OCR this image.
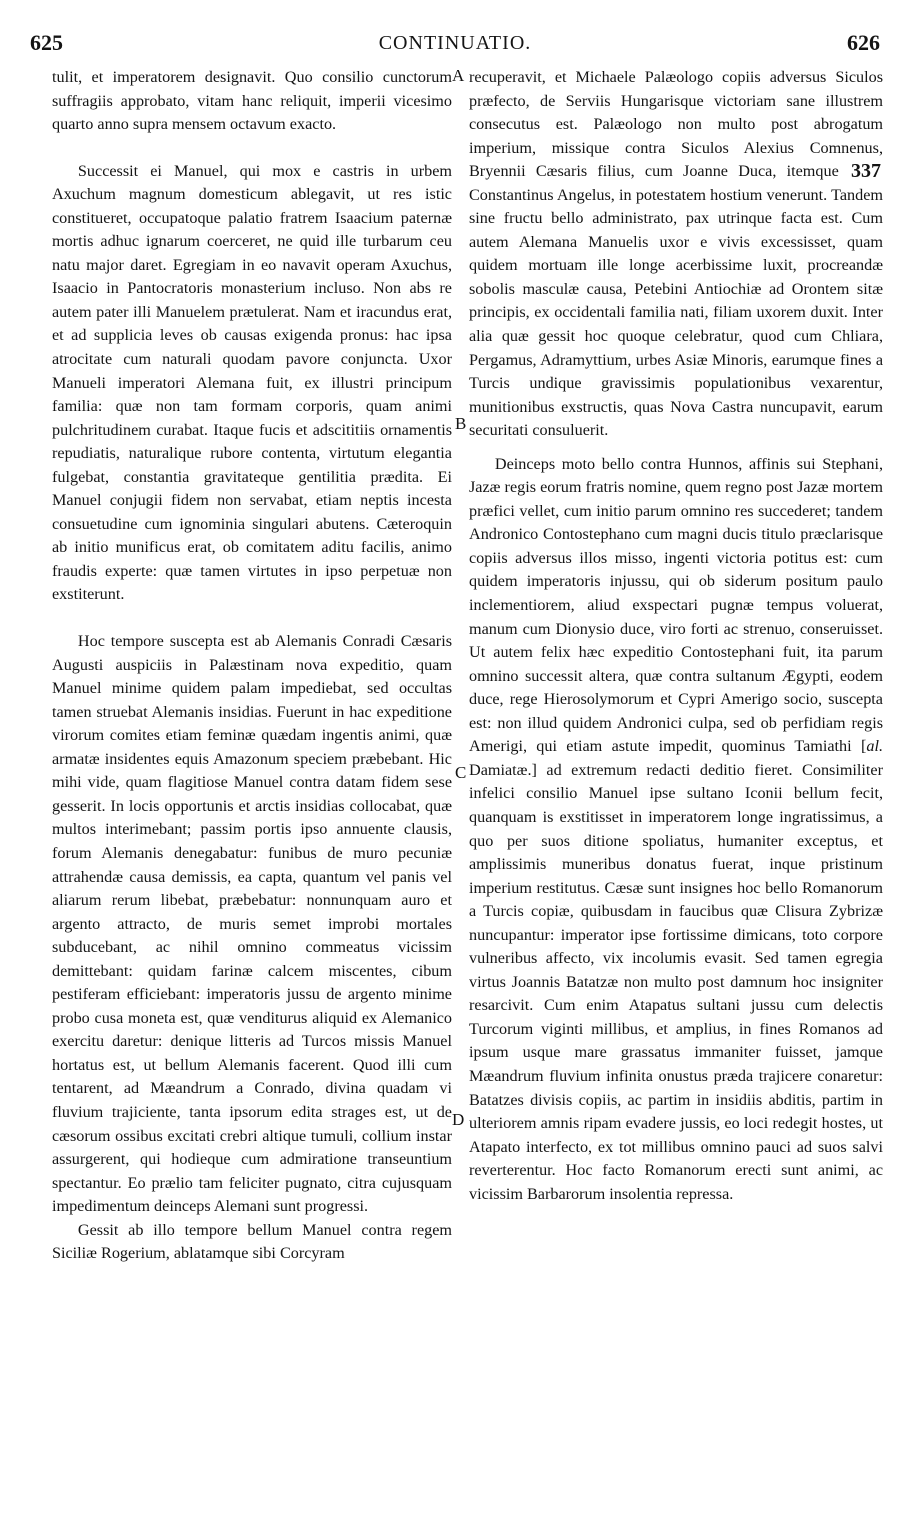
625	CONTINUATIO.	626
A
B
C
D

tulit, et imperatorem designavit. Quo consilio cunctorum suffragiis approbato, vitam hanc reliquit, imperii vicesimo quarto anno supra mensem octavum exacto.

Successit ei Manuel, qui mox e castris in urbem Axuchum magnum domesticum ablegavit, ut res istic constitueret, occupatoque palatio fratrem Isaacium paternæ mortis adhuc ignarum coerceret, ne quid ille turbarum ceu natu major daret. Egregiam in eo navavit operam Axuchus, Isaacio in Pantocratoris monasterium incluso. Non abs re autem pater illi Manuelem prætulerat. Nam et iracundus erat, et ad supplicia leves ob causas exigenda pronus: hac ipsa atrocitate cum naturali quodam pavore conjuncta. Uxor Manueli imperatori Alemana fuit, ex illustri principum familia: quæ non tam formam corporis, quam animi pulchritudinem curabat. Itaque fucis et adscititiis ornamentis repudiatis, naturalique rubore contenta, virtutum elegantia fulgebat, constantia gravitateque gentilitia prædita. Ei Manuel conjugii fidem non servabat, etiam neptis incesta consuetudine cum ignominia singulari abutens. Cæteroquin ab initio munificus erat, ob comitatem aditu facilis, animo fraudis experte: quæ tamen virtutes in ipso perpetuæ non exstiterunt.

Hoc tempore suscepta est ab Alemanis Conradi Cæsaris Augusti auspiciis in Palæstinam nova expeditio, quam Manuel minime quidem palam impediebat, sed occultas tamen struebat Alemanis insidias. Fuerunt in hac expeditione virorum comites etiam feminæ quædam ingentis animi, quæ armatæ insidentes equis Amazonum speciem præbebant. Hic mihi vide, quam flagitiose Manuel contra datam fidem sese gesserit. In locis opportunis et arctis insidias collocabat, quæ multos interimebant; passim portis ipso annuente clausis, forum Alemanis denegabatur: funibus de muro pecuniæ attrahendæ causa demissis, ea capta, quantum vel panis vel aliarum rerum libebat, præbebatur: nonnunquam auro et argento attracto, de muris semet improbi mortales subducebant, ac nihil omnino commeatus vicissim demittebant: quidam farinæ calcem miscentes, cibum pestiferam efficiebant: imperatoris jussu de argento minime probo cusa moneta est, quæ venditurus aliquid ex Alemanico exercitu daretur: denique litteris ad Turcos missis Manuel hortatus est, ut bellum Alemanis facerent. Quod illi cum tentarent, ad Mæandrum a Conrado, divina quadam vi fluvium trajiciente, tanta ipsorum edita strages est, ut de cæsorum ossibus excitati crebri altique tumuli, collium instar assurgerent, qui hodieque cum admiratione transeuntium spectantur. Eo prælio tam feliciter pugnato, citra cujusquam impedimentum deinceps Alemani sunt progressi.

Gessit ab illo tempore bellum Manuel contra regem Siciliæ Rogerium, ablatamque sibi Corcyram

recuperavit, et Michaele Palæologo copiis adversus Siculos præfecto, de Serviis Hungarisque victoriam sane illustrem consecutus est. Palæologo non multo post abrogatum imperium, missique contra Siculos Alexius Comnenus, Bryennii Cæsaris filius, cum Joanne Duca, itemque 337 Constantinus Angelus, in potestatem hostium venerunt. Tandem sine fructu bello administrato, pax utrinque facta est. Cum autem Alemana Manuelis uxor e vivis excessisset, quam quidem mortuam ille longe acerbissime luxit, procreandæ sobolis masculæ causa, Petebini Antiochiæ ad Orontem sitæ principis, ex occidentali familia nati, filiam uxorem duxit. Inter alia quæ gessit hoc quoque celebratur, quod cum Chliara, Pergamus, Adramyttium, urbes Asiæ Minoris, earumque fines a Turcis undique gravissimis populationibus vexarentur, munitionibus exstructis, quas Nova Castra nuncupavit, earum securitati consuluerit.

Deinceps moto bello contra Hunnos, affinis sui Stephani, Jazæ regis eorum fratris nomine, quem regno post Jazæ mortem præfici vellet, cum initio parum omnino res succederet; tandem Andronico Contostephano cum magni ducis titulo præclarisque copiis adversus illos misso, ingenti victoria potitus est: cum quidem imperatoris injussu, qui ob siderum positum paulo inclementiorem, aliud exspectari pugnæ tempus voluerat, manum cum Dionysio duce, viro forti ac strenuo, conseruisset. Ut autem felix hæc expeditio Contostephani fuit, ita parum omnino successit altera, quæ contra sultanum Ægypti, eodem duce, rege Hierosolymorum et Cypri Amerigo socio, suscepta est: non illud quidem Andronici culpa, sed ob perfidiam regis Amerigi, qui etiam astute impedit, quominus Tamiathi [al. Damiatæ.] ad extremum redacti deditio fieret. Consimiliter infelici consilio Manuel ipse sultano Iconii bellum fecit, quanquam is exstitisset in imperatorem longe ingratissimus, a quo per suos ditione spoliatus, humaniter exceptus, et amplissimis muneribus donatus fuerat, inque pristinum imperium restitutus. Cæsæ sunt insignes hoc bello Romanorum a Turcis copiæ, quibusdam in faucibus quæ Clisura Zybrizæ nuncupantur: imperator ipse fortissime dimicans, toto corpore vulneribus affecto, vix incolumis evasit. Sed tamen egregia virtus Joannis Batatzæ non multo post damnum hoc insigniter resarcivit. Cum enim Atapatus sultani jussu cum delectis Turcorum viginti millibus, et amplius, in fines Romanos ad ipsum usque mare grassatus immaniter fuisset, jamque Mæandrum fluvium infinita onustus præda trajicere conaretur: Batatzes divisis copiis, ac partim in insidiis abditis, partim in ulteriorem amnis ripam evadere jussis, eo loci redegit hostes, ut Atapato interfecto, ex tot millibus omnino pauci ad suos salvi reverterentur. Hoc facto Romanorum erecti sunt animi, ac vicissim Barbarorum insolentia repressa.
